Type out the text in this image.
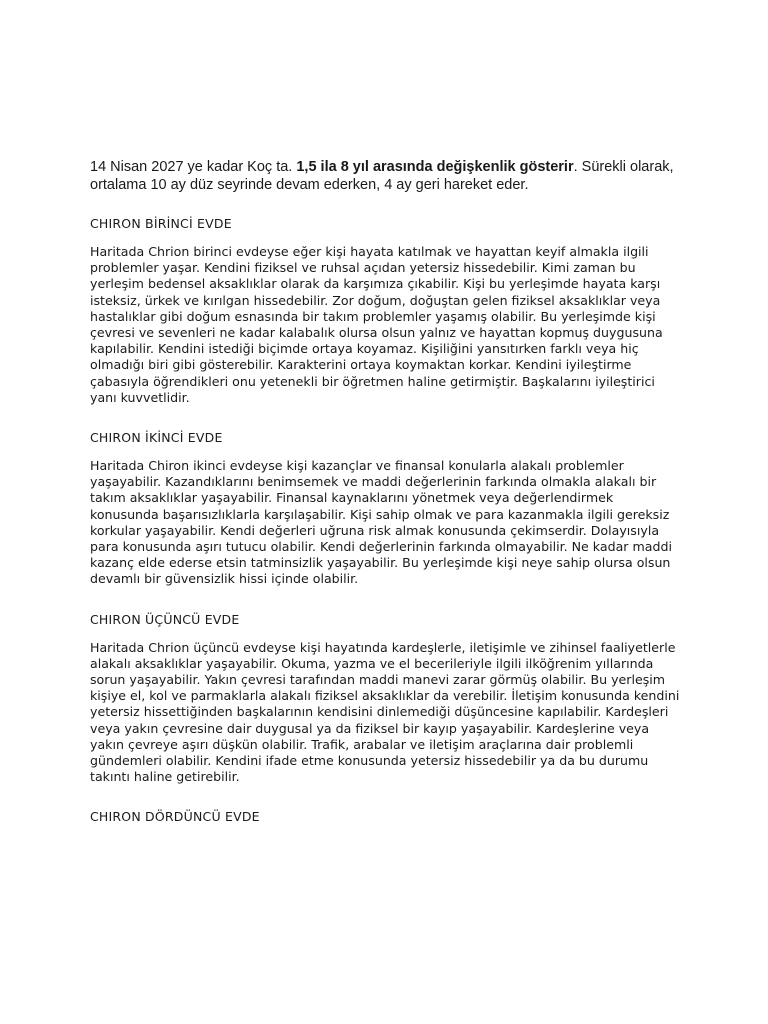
14 Nisan 2027 ye kadar Koç ta. 1,5 ila 8 yıl arasında değişkenlik gösterir. Sürekli olarak, ortalama 10 ay düz seyrinde devam ederken, 4 ay geri hareket eder.

CHIRON BİRİNCİ EVDE

Haritada Chrion birinci evdeyse eğer kişi hayata katılmak ve hayattan keyif almakla ilgili problemler yaşar. Kendini fiziksel ve ruhsal açıdan yetersiz hissedebilir. Kimi zaman bu yerleşim bedensel aksaklıklar olarak da karşımıza çıkabilir. Kişi bu yerleşimde hayata karşı isteksiz, ürkek ve kırılgan hissedebilir. Zor doğum, doğuştan gelen fiziksel aksaklıklar veya hastalıklar gibi doğum esnasında bir takım problemler yaşamış olabilir. Bu yerleşimde kişi çevresi ve sevenleri ne kadar kalabalık olursa olsun yalnız ve hayattan kopmuş duygusuna kapılabilir. Kendini istediği biçimde ortaya koyamaz. Kişiliğini yansıtırken farklı veya hiç olmadığı biri gibi gösterebilir. Karakterini ortaya koymaktan korkar. Kendini iyileştirme çabasıyla öğrendikleri onu yetenekli bir öğretmen haline getirmiştir. Başkalarını iyileştirici yanı kuvvetlidir.

CHIRON İKİNCİ EVDE

Haritada Chiron ikinci evdeyse kişi kazançlar ve finansal konularla alakalı problemler yaşayabilir. Kazandıklarını benimsemek ve maddi değerlerinin farkında olmakla alakalı bir takım aksaklıklar yaşayabilir. Finansal kaynaklarını yönetmek veya değerlendirmek konusunda başarısızlıklarla karşılaşabilir. Kişi sahip olmak ve para kazanmakla ilgili gereksiz korkular yaşayabilir. Kendi değerleri uğruna risk almak konusunda çekimserdir. Dolayısıyla para konusunda aşırı tutucu olabilir. Kendi değerlerinin farkında olmayabilir. Ne kadar maddi kazanç elde ederse etsin tatminsizlik yaşayabilir. Bu yerleşimde kişi neye sahip olursa olsun devamlı bir güvensizlik hissi içinde olabilir.

CHIRON ÜÇÜNCÜ EVDE

Haritada Chrion üçüncü evdeyse kişi hayatında kardeşlerle, iletişimle ve zihinsel faaliyetlerle alakalı aksaklıklar yaşayabilir. Okuma, yazma ve el becerileriyle ilgili ilköğrenim yıllarında sorun yaşayabilir. Yakın çevresi tarafından maddi manevi zarar görmüş olabilir. Bu yerleşim kişiye el, kol ve parmaklarla alakalı fiziksel aksaklıklar da verebilir. İletişim konusunda kendini yetersiz hissettiğinden başkalarının kendisini dinlemediği düşüncesine kapılabilir. Kardeşleri veya yakın çevresine dair duygusal ya da fiziksel bir kayıp yaşayabilir. Kardeşlerine veya yakın çevreye aşırı düşkün olabilir. Trafik, arabalar ve iletişim araçlarına dair problemli gündemleri olabilir. Kendini ifade etme konusunda yetersiz hissedebilir ya da bu durumu takıntı haline getirebilir.

CHIRON DÖRDÜNCÜ EVDE
